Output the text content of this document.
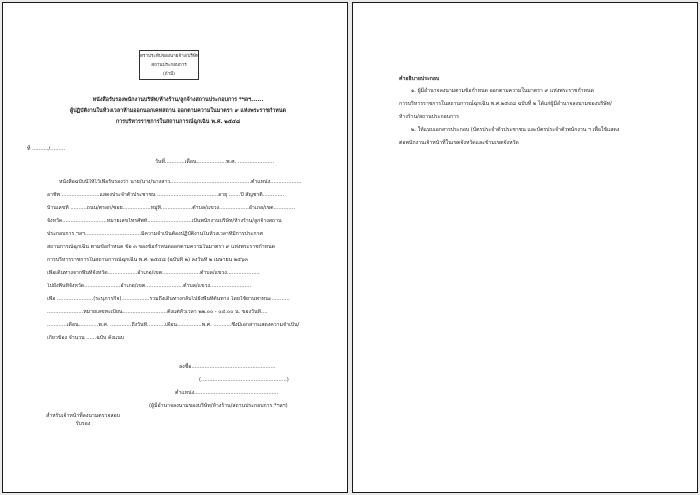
ตราประทับของนายจ้าง/บริษัท
สถานประกอบการ
(ถ้ามี)
หนังสือรับรองพนักงานบริษัท/ห้างร้าน/ลูกจ้างสถานประกอบการ *ฯลฯ......
ผู้ปฏิบัติงานในห้วงเวลาห้ามออกนอกเคหสถาน ออกตามความในมาตรา ๙ แห่งพระราชกำหนด
การบริหารราชการในสถานการณ์ฉุกเฉิน พ.ศ. ๒๕๔๘
ที่ ........../.........
วันที่............เดือน..................พ.ศ. ......................
หนังสือฉบับนี้ให้ไว้เพื่อรับรองว่า นาย/นาง/นางสาว.................................................ตำแหน่ง...................
อาชีพ .......................แสดงประจำตัวประชาชน .....................................อายุ .......ปี สัญชาติ.............
บ้านเลขที่ ..........ถนน/ตรอก/ซอย.................หมู่ที่...................ตำบล/แขวง..................อำเภอ/เขต.............
จังหวัด...........................หมายเลขโทรศัพท์...........................เป็นพนักงานบริษัท/ห้างร้าน/ลูกจ้างสถาน
ประกอบการ ฯลฯ..................................มีความจำเป็นต้องปฏิบัติงานในห้วงเวลาที่มีการประกาศ
สถานการณ์ฉุกเฉิน ตามข้อกำหนด ข้อ ๓ ของข้อกำหนดออกตามความในมาตรา ๙ แห่งพระราชกำหนด
การบริหารราชการในสถานการณ์ฉุกเฉิน พ.ศ. ๒๕๔๘ (ฉบับที่ ๒) ลงวันที่ ๒ เมษายน ๒๕๖๓
เพื่อเดินทางจากพื้นที่จังหวัด..................อำเภอ/เขต.......................ตำบล/แขวง....................
ไปยังพื้นที่จังหวัด......................อำเภอ/เขต.......................ตำบล/แขวง.........................
เพื่อ ......................(ระบุภารกิจ).................รวมถึงเดินทางกลับไปยังพื้นที่ต้นทาง โดยใช้ยานพาหนะ...........
......................หมายเลขทะเบียน...........................ตั้งแต่หัวเวลา ๒๒.๐๐ - ๐๔.๐๐ น. ของวันที่....
............เดือน............พ.ศ. .............ถึงวันที่...........เดือน...............พ.ศ. ...........ซึ่งมีเอกสารแสดงความจำเป็น/
เกี่ยวข้อง จำนวน ......ฉบับ ดังแนบ
ลงชื่อ...................................................
(....................................................)
ตำแหน่ง...................................................
(ผู้มีอำนาจลงนามของบริษัท/ห้างร้าน/สถานประกอบการ *ฯลฯ)
สำหรับเจ้าหน้าที่ลงนามตรวจสอบ
รับรอง
คำอธิบายประกอบ
๑. ผู้มีอำนาจลงนามตามข้อกำหนด ออกตามความในมาตรา ๙ แห่งพระราชกำหนด
การบริหารราชการในสถานการณ์ฉุกเฉิน พ.ศ.๒๕๔๘ ฉบับที่ ๒ ได้แก่ผู้มีอำนาจลงนามของบริษัท/
ห้างร้าน/สถานประกอบการ
๒. ให้แนบเอกสารประกอบ (บัตรประจำตัวประชาชน และบัตรประจำตัวพนักงาน ฯ เพื่อใช้แสดง
ต่อพนักงานเจ้าหน้าที่ในเขตจังหวัดและข้ามเขตจังหวัด
